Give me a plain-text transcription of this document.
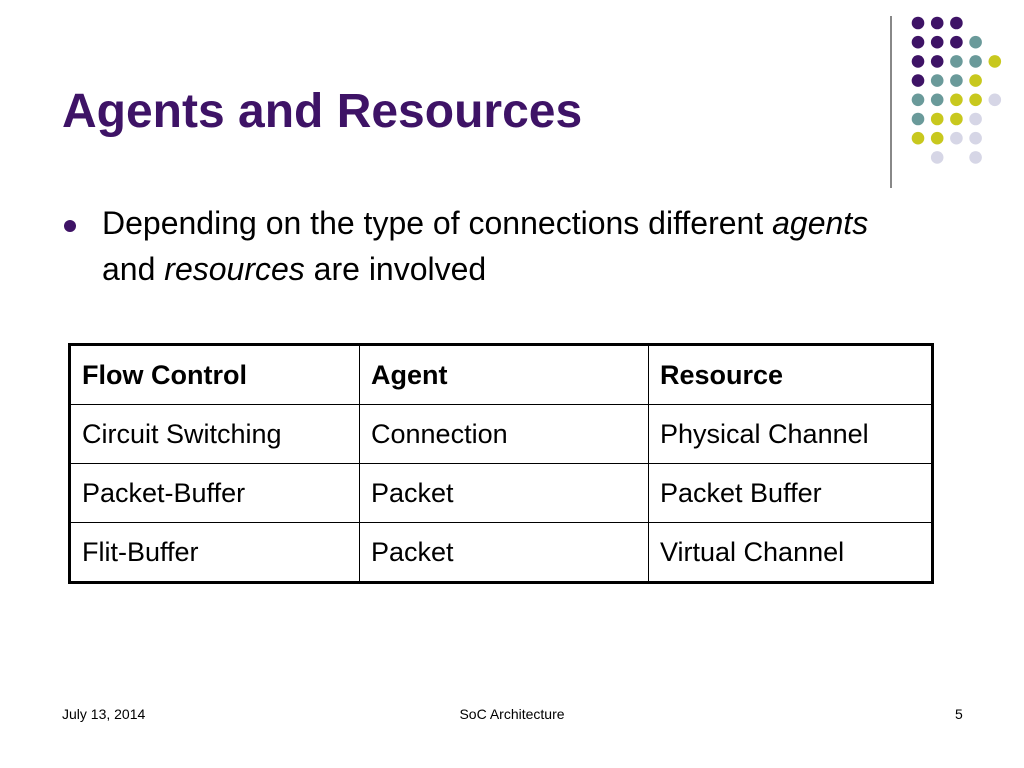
Agents and Resources
Depending on the type of connections different agents and resources are involved
Flow Control	Agent	Resource
Circuit Switching	Connection	Physical Channel
Packet-Buffer	Packet	Packet Buffer
Flit-Buffer	Packet	Virtual Channel
July 13, 2014	SoC Architecture	5
